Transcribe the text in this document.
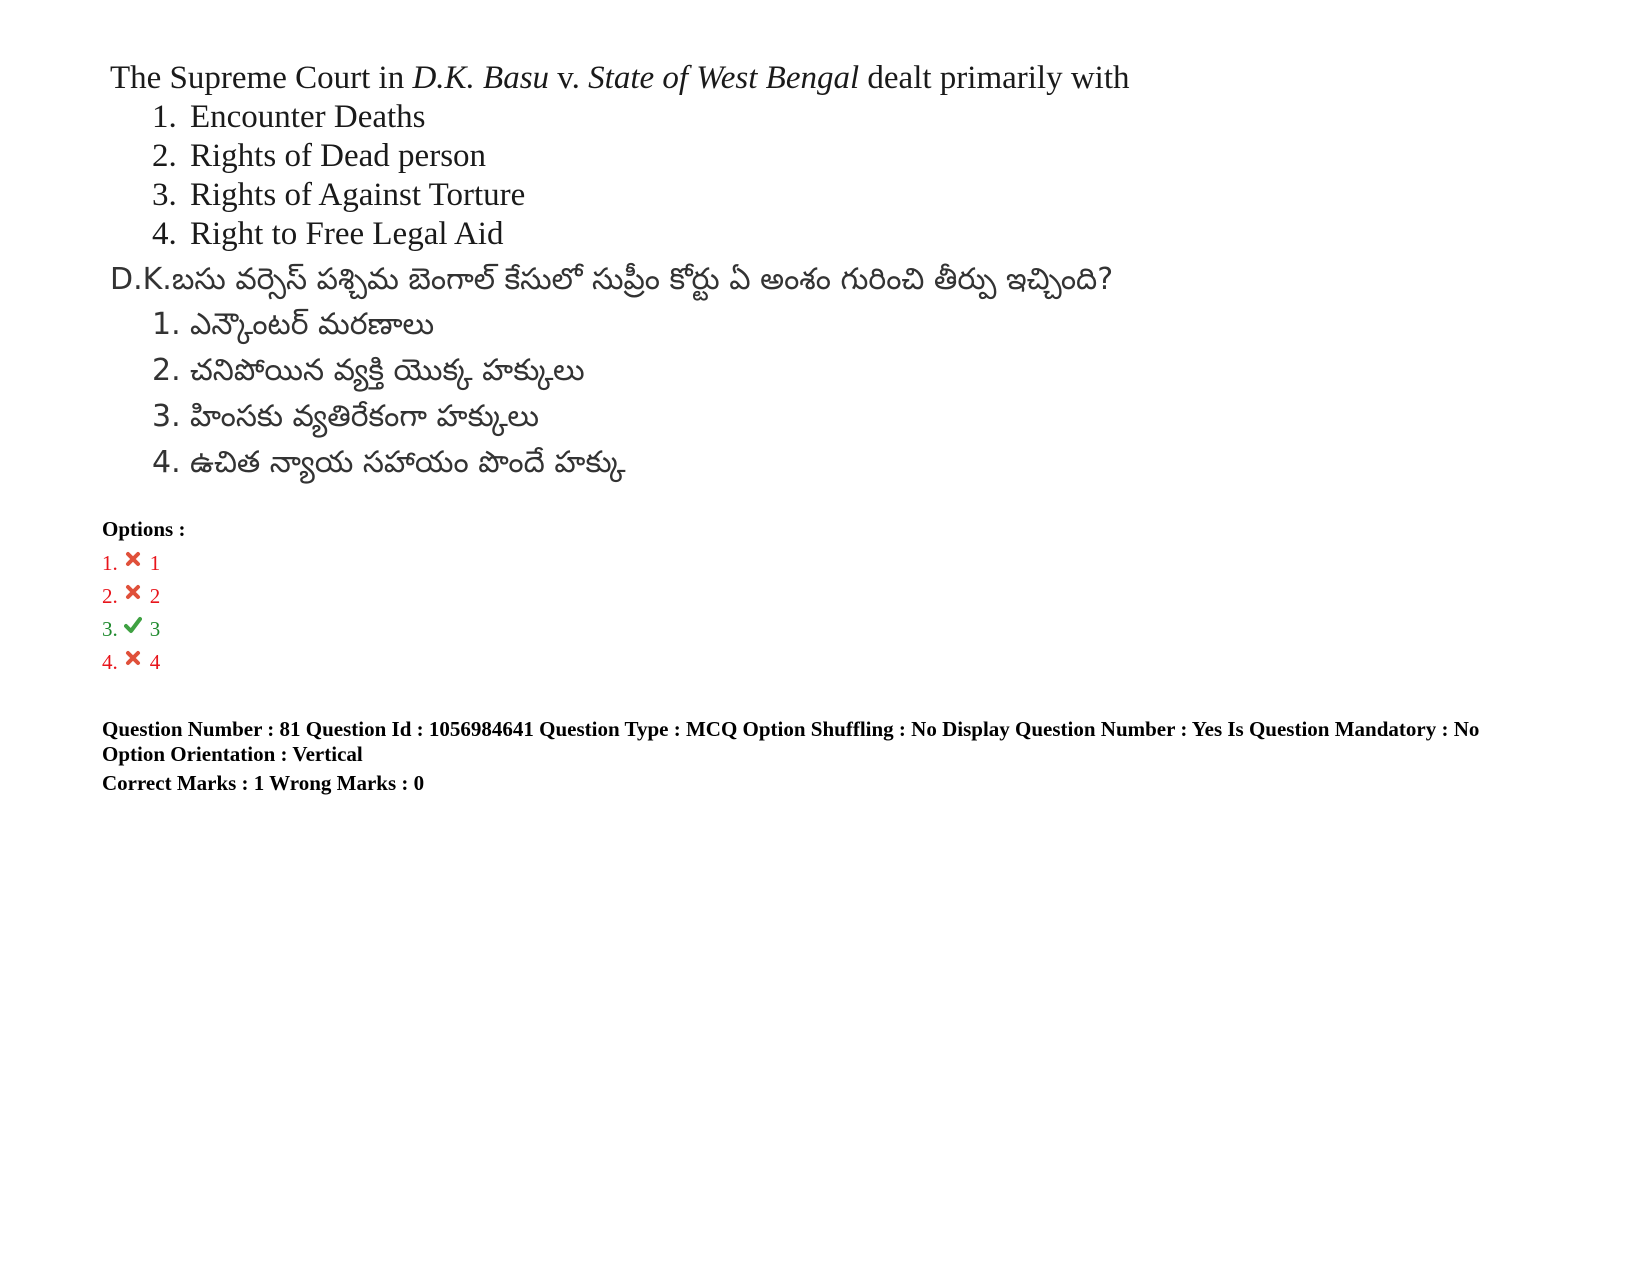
The Supreme Court in D.K. Basu v. State of West Bengal dealt primarily with
1. Encounter Deaths
2. Rights of Dead person
3. Rights of Against Torture
4. Right to Free Legal Aid
D.K.బసు వర్సెస్ పశ్చిమ బెంగాల్ కేసులో సుప్రీం కోర్టు ఏ అంశం గురించి తీర్పు ఇచ్చింది?
1. ఎన్కౌంటర్ మరణాలు
2. చనిపోయిన వ్యక్తి యొక్క హక్కులు
3. హింసకు వ్యతిరేకంగా హక్కులు
4. ఉచిత న్యాయ సహాయం పొందే హక్కు
Options :
1. 1
2. 2
3. 3
4. 4
Question Number : 81 Question Id : 1056984641 Question Type : MCQ Option Shuffling : No Display Question Number : Yes Is Question Mandatory : No
Option Orientation : Vertical
Correct Marks : 1 Wrong Marks : 0
